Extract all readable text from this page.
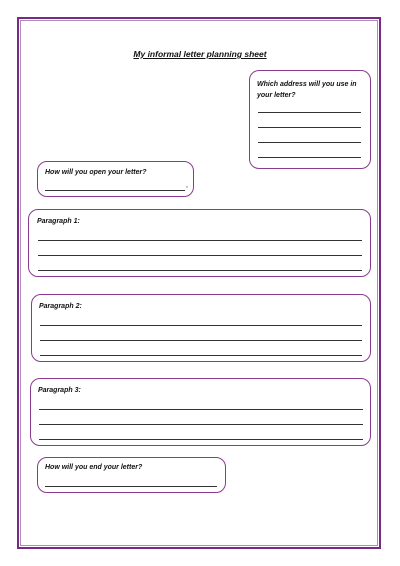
My informal letter planning sheet
Which address will you use in your letter?
How will you open your letter?
,
Paragraph 1:
Paragraph 2:
Paragraph 3:
How will you end your letter?
